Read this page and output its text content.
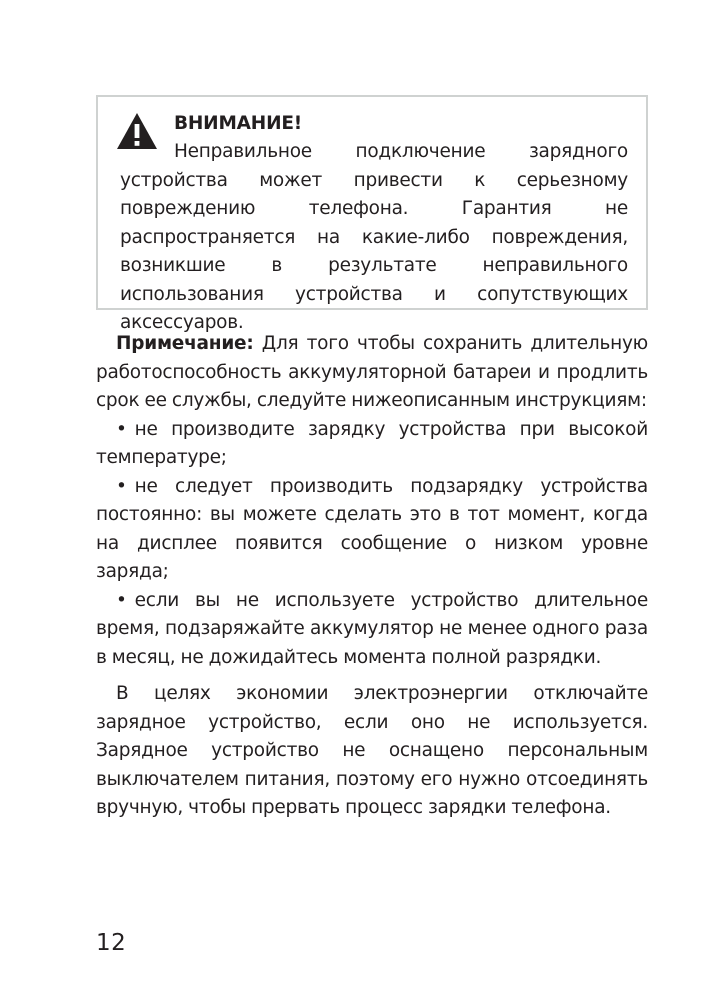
ВНИМАНИЕ!

Неправильное подключение зарядного устройства может привести к серьезному повреждению телефона. Гарантия не распространяется на какие-либо повреждения, возникшие в результате неправильного использования устройства и сопутствующих аксессуаров.

Примечание: Для того чтобы сохранить длительную работоспособность аккумуляторной батареи и продлить срок ее службы, следуйте нижеописанным инструкциям:

• не производите зарядку устройства при высокой температуре;

• не следует производить подзарядку устройства постоянно: вы можете сделать это в тот момент, когда на дисплее появится сообщение о низком уровне заряда;

• если вы не используете устройство длительное время, подзаряжайте аккумулятор не менее одного раза в месяц, не дожидайтесь момента полной разрядки.

В целях экономии электроэнергии отключайте зарядное устройство, если оно не используется. Зарядное устройство не оснащено персональным выключателем питания, поэтому его нужно отсоединять вручную, чтобы прервать процесс зарядки телефона.

12
